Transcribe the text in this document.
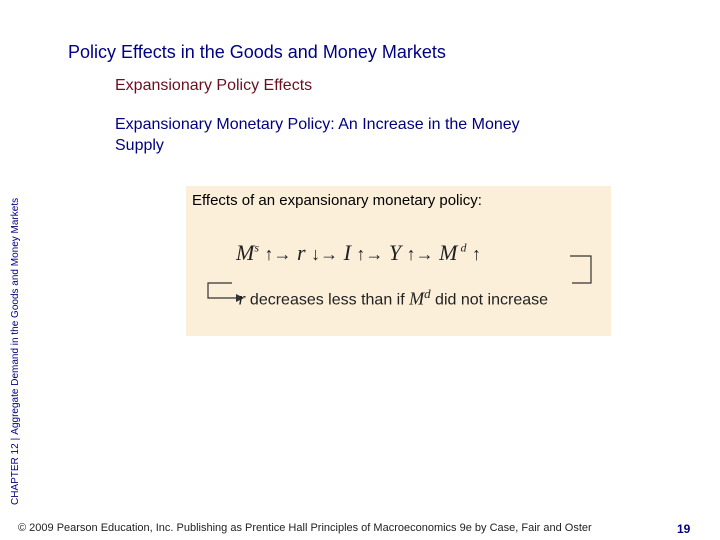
Policy Effects in the Goods and Money Markets
Expansionary Policy Effects
CHAPTER 12|Aggregate Demand in the Goods and Money Markets
Expansionary Monetary Policy: An Increase in the Money Supply
Effects of an expansionary monetary policy:
$M^s$ ↑→ r ↓→ I ↑→ Y ↑→ M $^d$ ↑
r decreases less than if $M^d$ did not increase
© 2009 Pearson Education, Inc. Publishing as Prentice Hall Principles of Macroeconomics 9e by Case, Fair and Oster	19
